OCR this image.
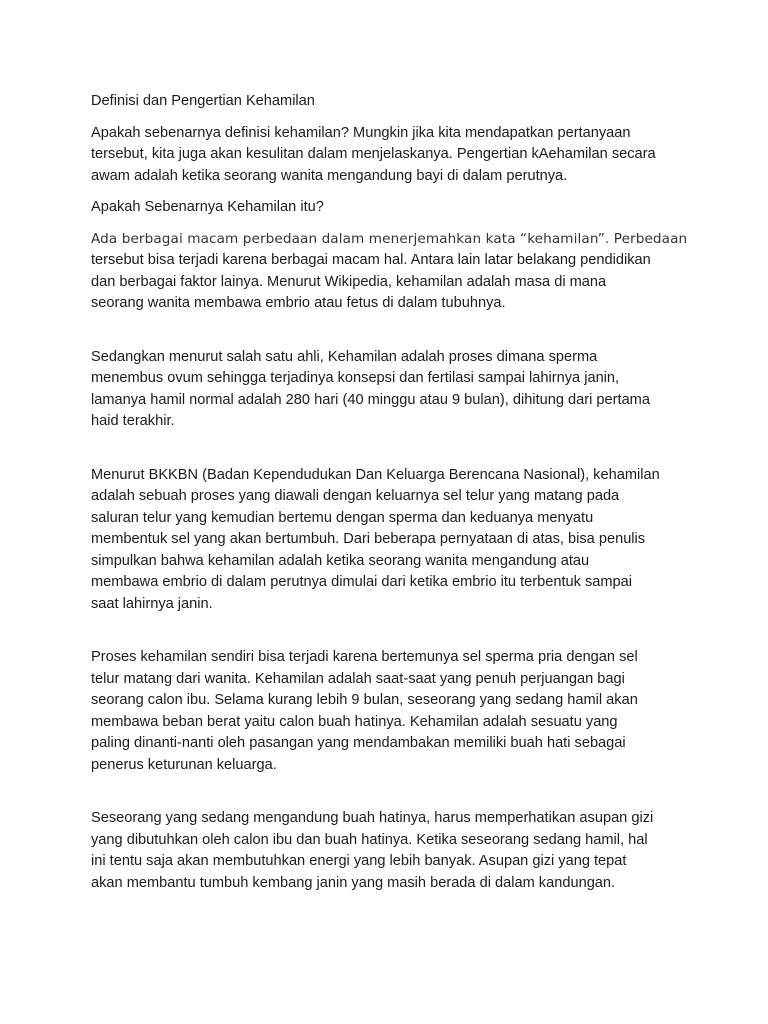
Definisi dan Pengertian Kehamilan
Apakah sebenarnya definisi kehamilan? Mungkin jika kita mendapatkan pertanyaan
tersebut, kita juga akan kesulitan dalam menjelaskanya. Pengertian kAehamilan secara
awam adalah ketika seorang wanita mengandung bayi di dalam perutnya.
Apakah Sebenarnya Kehamilan itu?
Ada berbagai macam perbedaan dalam menerjemahkan kata “kehamilan”. Perbedaan
tersebut bisa terjadi karena berbagai macam hal. Antara lain latar belakang pendidikan
dan berbagai faktor lainya. Menurut Wikipedia, kehamilan adalah masa di mana
seorang wanita membawa embrio atau fetus di dalam tubuhnya.
Sedangkan menurut salah satu ahli, Kehamilan adalah proses dimana sperma
menembus ovum sehingga terjadinya konsepsi dan fertilasi sampai lahirnya janin,
lamanya hamil normal adalah 280 hari (40 minggu atau 9 bulan), dihitung dari pertama
haid terakhir.
Menurut BKKBN (Badan Kependudukan Dan Keluarga Berencana Nasional), kehamilan
adalah sebuah proses yang diawali dengan keluarnya sel telur yang matang pada
saluran telur yang kemudian bertemu dengan sperma dan keduanya menyatu
membentuk sel yang akan bertumbuh. Dari beberapa pernyataan di atas, bisa penulis
simpulkan bahwa kehamilan adalah ketika seorang wanita mengandung atau
membawa embrio di dalam perutnya dimulai dari ketika embrio itu terbentuk sampai
saat lahirnya janin.
Proses kehamilan sendiri bisa terjadi karena bertemunya sel sperma pria dengan sel
telur matang dari wanita. Kehamilan adalah saat-saat yang penuh perjuangan bagi
seorang calon ibu. Selama kurang lebih 9 bulan, seseorang yang sedang hamil akan
membawa beban berat yaitu calon buah hatinya. Kehamilan adalah sesuatu yang
paling dinanti-nanti oleh pasangan yang mendambakan memiliki buah hati sebagai
penerus keturunan keluarga.
Seseorang yang sedang mengandung buah hatinya, harus memperhatikan asupan gizi
yang dibutuhkan oleh calon ibu dan buah hatinya. Ketika seseorang sedang hamil, hal
ini tentu saja akan membutuhkan energi yang lebih banyak. Asupan gizi yang tepat
akan membantu tumbuh kembang janin yang masih berada di dalam kandungan.
